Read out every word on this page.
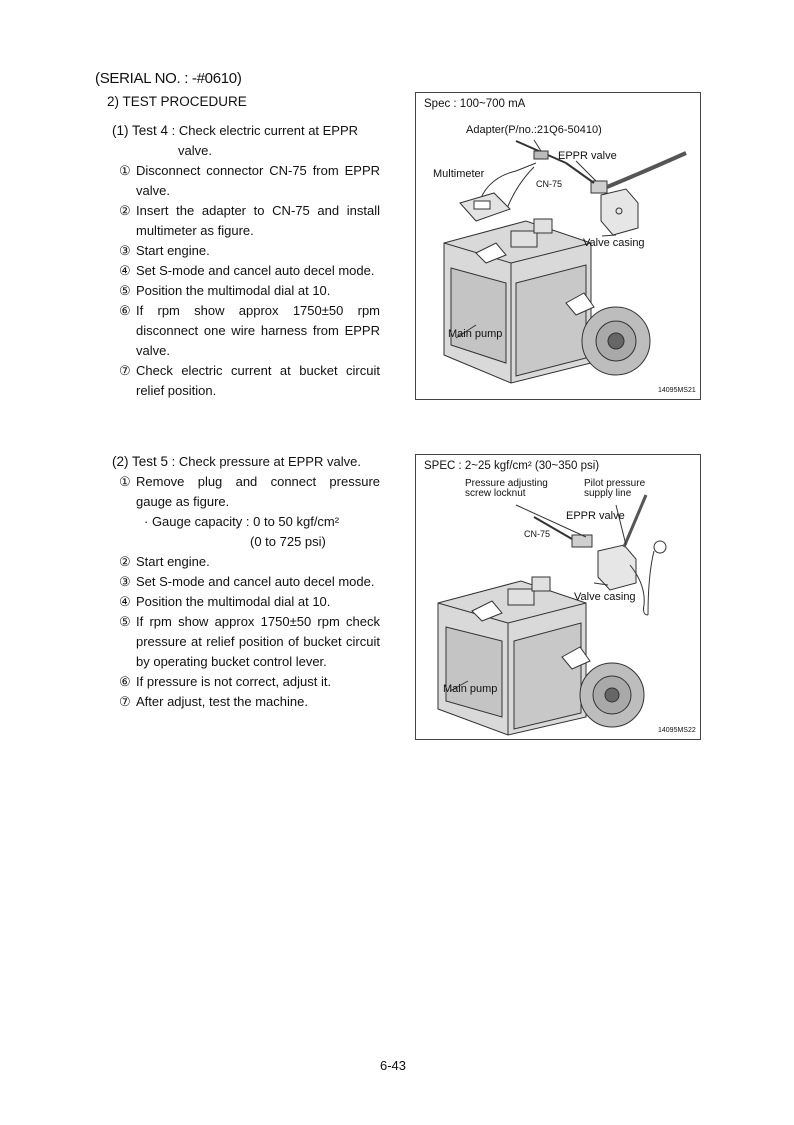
(SERIAL NO. : -#0610)
2) TEST PROCEDURE
(1) Test 4 : Check electric current at EPPR
valve.
① Disconnect connector CN-75 from EPPR valve.
② Insert the adapter to CN-75 and install multimeter as figure.
③ Start engine.
④ Set S-mode and cancel auto decel mode.
⑤ Position the multimodal dial at 10.
⑥ If rpm show approx 1750±50 rpm disconnect one wire harness from EPPR valve.
⑦ Check electric current at bucket circuit relief position.
(2) Test 5 : Check pressure at EPPR valve.
① Remove plug and connect pressure gauge as figure.
· Gauge capacity : 0 to 50 kgf/cm²
(0 to 725 psi)
② Start engine.
③ Set S-mode and cancel auto decel mode.
④ Position the multimodal dial at 10.
⑤ If rpm show approx 1750±50 rpm check pressure at relief position of bucket circuit by operating bucket control lever.
⑥ If pressure is not correct, adjust it.
⑦ After adjust, test the machine.
Spec : 100~700 mA
Adapter(P/no.:21Q6-50410)
EPPR valve
Multimeter
CN-75
Valve casing
Main pump
14095MS21
SPEC : 2~25 kgf/cm² (30~350 psi)
Pressure adjusting
screw locknut
Pilot pressure
supply line
EPPR valve
CN-75
Valve casing
Main pump
14095MS22
6-43
